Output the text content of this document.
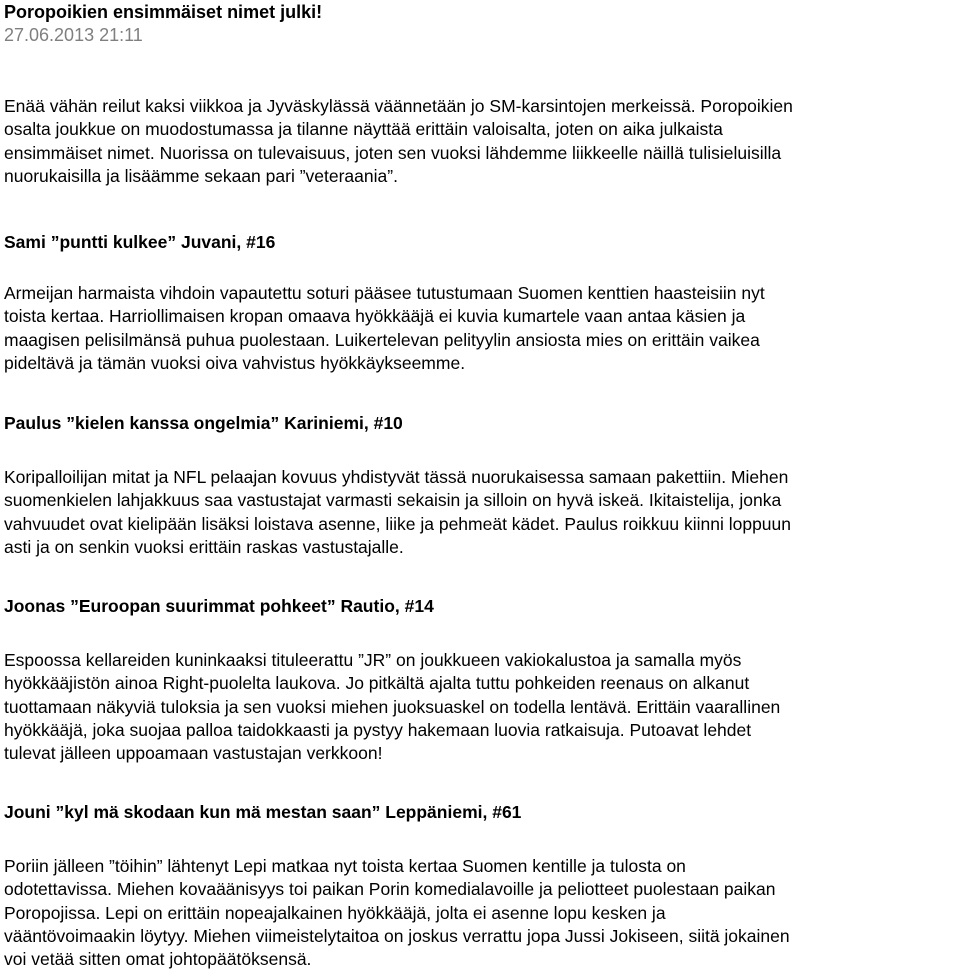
Poropoikien ensimmäiset nimet julki!
27.06.2013 21:11

Enää vähän reilut kaksi viikkoa ja Jyväskylässä väännetään jo SM-karsintojen merkeissä. Poropoikien
osalta joukkue on muodostumassa ja tilanne näyttää erittäin valoisalta, joten on aika julkaista
ensimmäiset nimet. Nuorissa on tulevaisuus, joten sen vuoksi lähdemme liikkeelle näillä tulisieluisilla
nuorukaisilla ja lisäämme sekaan pari ”veteraania”.

Sami ”puntti kulkee” Juvani, #16

Armeijan harmaista vihdoin vapautettu soturi pääsee tutustumaan Suomen kenttien haasteisiin nyt
toista kertaa. Harriollimaisen kropan omaava hyökkääjä ei kuvia kumartele vaan antaa käsien ja
maagisen pelisilmänsä puhua puolestaan. Luikertelevan pelityylin ansiosta mies on erittäin vaikea
pideltävä ja tämän vuoksi oiva vahvistus hyökkäykseemme.

Paulus ”kielen kanssa ongelmia” Kariniemi, #10

Koripalloilijan mitat ja NFL pelaajan kovuus yhdistyvät tässä nuorukaisessa samaan pakettiin. Miehen
suomenkielen lahjakkuus saa vastustajat varmasti sekaisin ja silloin on hyvä iskeä. Ikitaistelija, jonka
vahvuudet ovat kielipään lisäksi loistava asenne, liike ja pehmeät kädet. Paulus roikkuu kiinni loppuun
asti ja on senkin vuoksi erittäin raskas vastustajalle.

Joonas ”Euroopan suurimmat pohkeet” Rautio, #14

Espoossa kellareiden kuninkaaksi tituleerattu ”JR” on joukkueen vakiokalustoa ja samalla myös
hyökkääjistön ainoa Right-puolelta laukova. Jo pitkältä ajalta tuttu pohkeiden reenaus on alkanut
tuottamaan näkyviä tuloksia ja sen vuoksi miehen juoksuaskel on todella lentävä. Erittäin vaarallinen
hyökkääjä, joka suojaa palloa taidokkaasti ja pystyy hakemaan luovia ratkaisuja. Putoavat lehdet
tulevat jälleen uppoamaan vastustajan verkkoon!

Jouni ”kyl mä skodaan kun mä mestan saan” Leppäniemi, #61

Poriin jälleen ”töihin” lähtenyt Lepi matkaa nyt toista kertaa Suomen kentille ja tulosta on
odotettavissa. Miehen kovaäänisyys toi paikan Porin komedialavoille ja peliotteet puolestaan paikan
Poropojissa. Lepi on erittäin nopeajalkainen hyökkääjä, jolta ei asenne lopu kesken ja
vääntövoimaakin löytyy. Miehen viimeistelytaitoa on joskus verrattu jopa Jussi Jokiseen, siitä jokainen
voi vetää sitten omat johtopäätöksensä.
